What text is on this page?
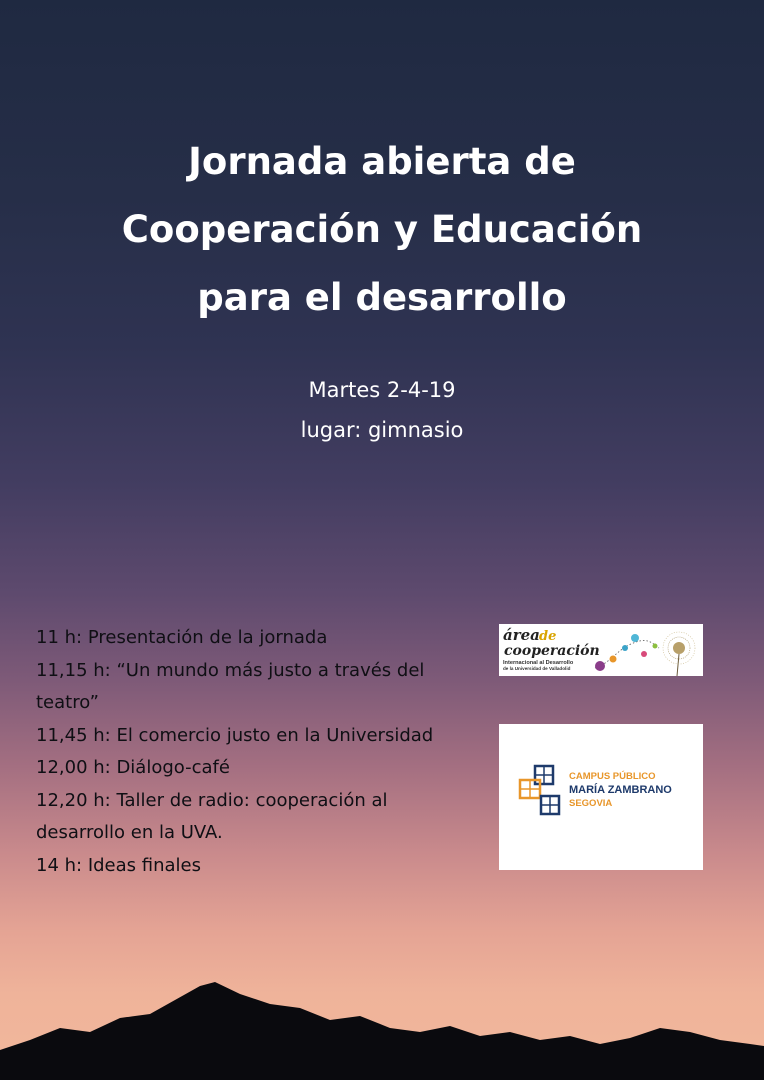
Jornada abierta de
Cooperación y Educación
para el desarrollo
Martes 2-4-19
lugar: gimnasio
11 h: Presentación de la jornada
11,15 h: “Un mundo más justo a través del
teatro”
11,45 h: El comercio justo en la Universidad
12,00 h: Diálogo-café
12,20 h: Taller de radio: cooperación al
desarrollo en la UVA.
14 h: Ideas finales
área de
cooperación
Internacional al Desarrollo
de la Universidad de Valladolid
CAMPUS PÚBLICO
MARÍA ZAMBRANO
SEGOVIA
